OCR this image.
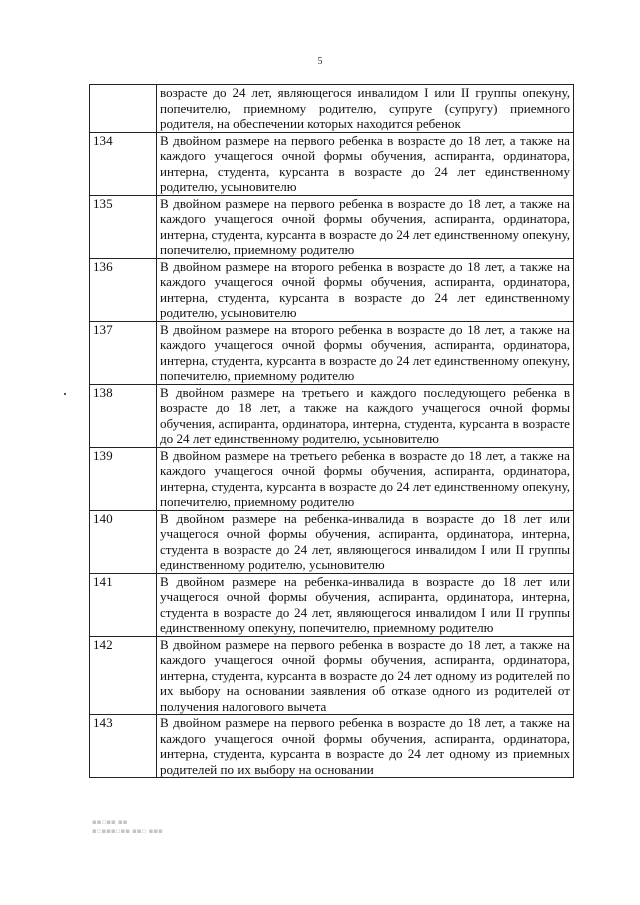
5
	возрасте до 24 лет, являющегося инвалидом I или II группы опекуну, попечителю, приемному родителю, супруге (супругу) приемного родителя, на обеспечении которых находится ребенок
134	В двойном размере на первого ребенка в возрасте до 18 лет, а также на каждого учащегося очной формы обучения, аспиранта, ординатора, интерна, студента, курсанта в возрасте до 24 лет единственному родителю, усыновителю
135	В двойном размере на первого ребенка в возрасте до 18 лет, а также на каждого учащегося очной формы обучения, аспиранта, ординатора, интерна, студента, курсанта в возрасте до 24 лет единственному опекуну, попечителю, приемному родителю
136	В двойном размере на второго ребенка в возрасте до 18 лет, а также на каждого учащегося очной формы обучения, аспиранта, ординатора, интерна, студента, курсанта в возрасте до 24 лет единственному родителю, усыновителю
137	В двойном размере на второго ребенка в возрасте до 18 лет, а также на каждого учащегося очной формы обучения, аспиранта, ординатора, интерна, студента, курсанта в возрасте до 24 лет единственному опекуну, попечителю, приемному родителю
138	В двойном размере на третьего и каждого последующего ребенка в возрасте до 18 лет, а также на каждого учащегося очной формы обучения, аспиранта, ординатора, интерна, студента, курсанта в возрасте до 24 лет единственному родителю, усыновителю
139	В двойном размере на третьего ребенка в возрасте до 18 лет, а также на каждого учащегося очной формы обучения, аспиранта, ординатора, интерна, студента, курсанта в возрасте до 24 лет единственному опекуну, попечителю, приемному родителю
140	В двойном размере на ребенка-инвалида в возрасте до 18 лет или учащегося очной формы обучения, аспиранта, ординатора, интерна, студента в возрасте до 24 лет, являющегося инвалидом I или II группы единственному родителю, усыновителю
141	В двойном размере на ребенка-инвалида в возрасте до 18 лет или учащегося очной формы обучения, аспиранта, ординатора, интерна, студента в возрасте до 24 лет, являющегося инвалидом I или II группы единственному опекуну, попечителю, приемному родителю
142	В двойном размере на первого ребенка в возрасте до 18 лет, а также на каждого учащегося очной формы обучения, аспиранта, ординатора, интерна, студента, курсанта в возрасте до 24 лет одному из родителей по их выбору на основании заявления об отказе одного из родителей от получения налогового вычета
143	В двойном размере на первого ребенка в возрасте до 18 лет, а также на каждого учащегося очной формы обучения, аспиранта, ординатора, интерна, студента, курсанта в возрасте до 24 лет одному из приемных родителей по их выбору на основании
▪▪▫▪▪ ▪▪
▪▫▪▪▪▫▪▪ ▪▪▫ ▪▪▪
